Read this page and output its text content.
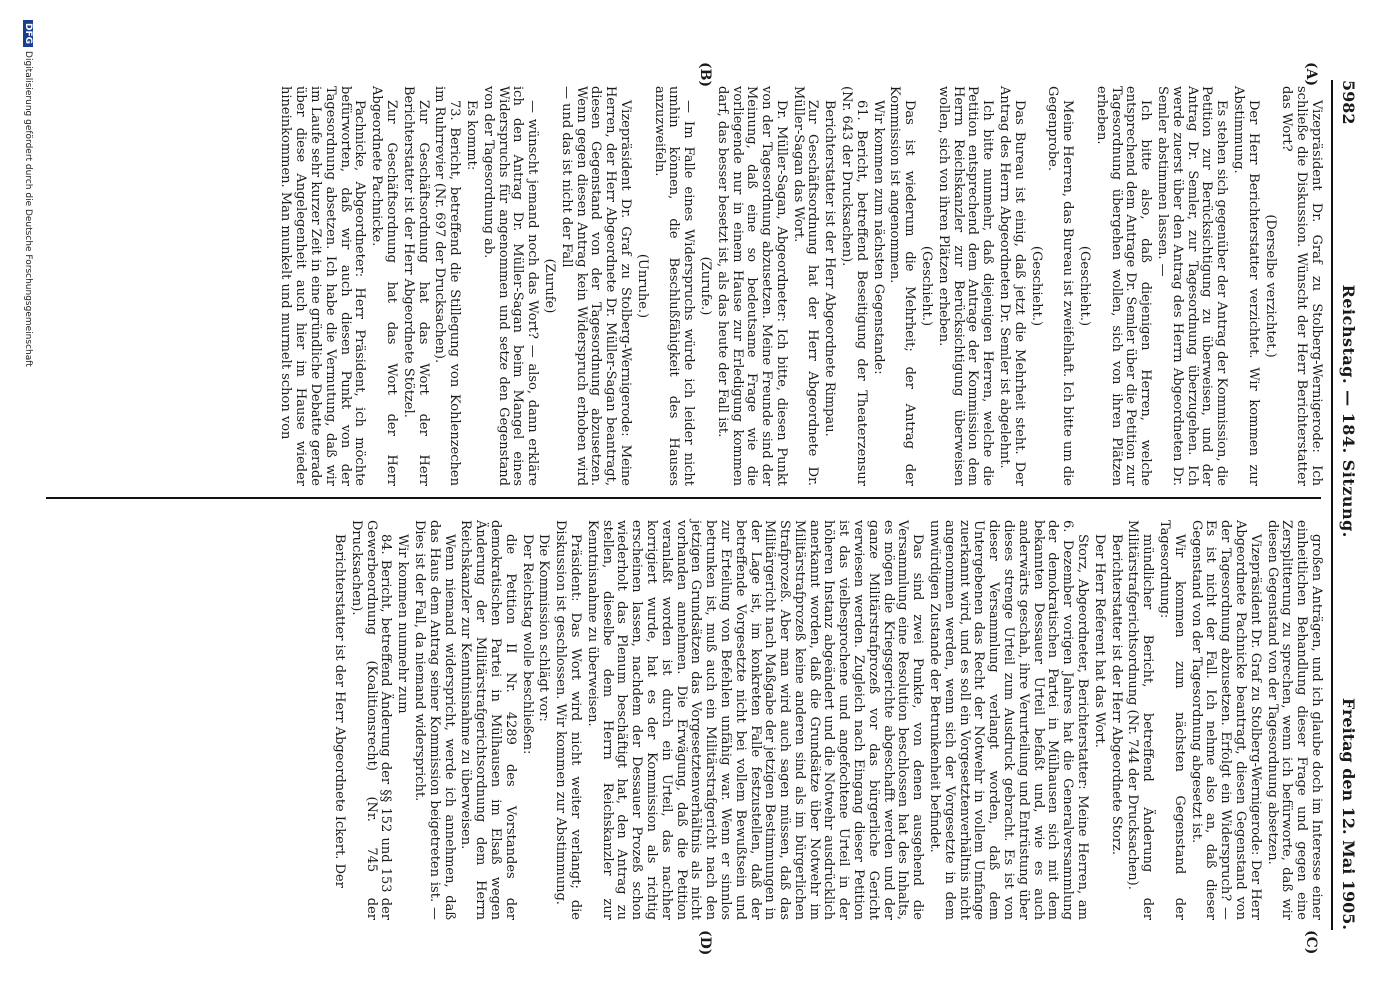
5982
Reichstag. — 184. Sitzung.
Freitag den 12. Mai 1905.
(A)
(B)
(C)
(D)

Vizepräsident Dr. Graf zu Stolberg-Wernigerode: Ich schließe die Diskussion. Wünscht der Herr Berichterstatter das Wort?

(Derselbe verzichtet.)

Der Herr Berichterstatter verzichtet. Wir kommen zur Abstimmung.

Es stehen sich gegenüber der Antrag der Kommission, die Petition zur Berücksichtigung zu überweisen, und der Antrag Dr. Semler, zur Tagesordnung überzugehen. Ich werde zuerst über den Antrag des Herrn Abgeordneten Dr. Semler abstimmen lassen. —

Ich bitte also, daß diejenigen Herren, welche entsprechend dem Antrage Dr. Semler über die Petition zur Tagesordnung übergehen wollen, sich von ihren Plätzen erheben.

(Geschieht.)

Meine Herren, das Bureau ist zweifelhaft. Ich bitte um die Gegenprobe.

(Geschieht.)

Das Bureau ist einig, daß jetzt die Mehrheit steht. Der Antrag des Herrn Abgeordneten Dr. Semler ist abgelehnt.

Ich bitte nunmehr, daß diejenigen Herren, welche die Petition entsprechend dem Antrage der Kommission dem Herrn Reichskanzler zur Berücksichtigung überweisen wollen, sich von ihren Plätzen erheben.

(Geschieht.)

Das ist wiederum die Mehrheit; der Antrag der Kommission ist angenommen.

Wir kommen zum nächsten Gegenstande:

61. Bericht, betreffend Beseitigung der Theaterzensur (Nr. 643 der Drucksachen).

Berichterstatter ist der Herr Abgeordnete Rimpau.

Zur Geschäftsordnung hat der Herr Abgeordnete Dr. Müller-Sagan das Wort.

Dr. Müller-Sagan, Abgeordneter: Ich bitte, diesen Punkt von der Tagesordnung abzusetzen. Meine Freunde sind der Meinung, daß eine so bedeutsame Frage wie die vorliegende nur in einem Hause zur Erledigung kommen darf, das besser besetzt ist, als das heute der Fall ist.

(Zurufe.)

— Im Falle eines Widerspruchs würde ich leider nicht umhin können, die Beschlußfähigkeit des Hauses anzuzweifeln.

(Unruhe.)

Vizepräsident Dr. Graf zu Stolberg-Wernigerode: Meine Herren, der Herr Abgeordnete Dr. Müller-Sagan beantragt, diesen Gegenstand von der Tagesordnung abzusetzen. Wenn gegen diesen Antrag kein Widerspruch erhoben wird — und das ist nicht der Fall

(Zurufe)

— wünscht jemand noch das Wort? — also, dann erkläre ich den Antrag Dr. Müller-Sagan beim Mangel eines Widerspruchs für angenommen und setze den Gegenstand von der Tagesordnung ab.

Es kommt:

73. Bericht, betreffend die Stillegung von Kohlenzechen im Ruhrrevier (Nr. 697 der Drucksachen).

Zur Geschäftsordnung hat das Wort der Herr Berichterstatter ist der Herr Abgeordnete Stötzel.

Zur Geschäftsordnung hat das Wort der Herr Abgeordnete Pachnicke.

Pachnicke, Abgeordneter: Herr Präsident, ich möchte befürworten, daß wir auch diesen Punkt von der Tagesordnung absetzen. Ich habe die Vermutung, daß wir im Laufe sehr kurzer Zeit in eine gründliche Debatte gerade über diese Angelegenheit auch hier im Hause wieder hineinkommen. Man munkelt und murmelt schon von

großen Anträgen, und ich glaube doch im Interesse einer einheitlichen Behandlung dieser Frage und gegen eine Zersplitterung zu sprechen, wenn ich befürworte, daß wir diesen Gegenstand von der Tagesordnung absetzen.

Vizepräsident Dr. Graf zu Stolberg-Wernigerode: Der Herr Abgeordnete Pachnicke beantragt, diesen Gegenstand von der Tagesordnung abzusetzen. Erfolgt ein Widerspruch? — Es ist nicht der Fall. Ich nehme also an, daß dieser Gegenstand von der Tagesordnung abgesetzt ist.

Wir kommen zum nächsten Gegenstand der Tagesordnung:

mündlicher Bericht, betreffend Änderung der Militärstrafgerichtsordnung (Nr. 744 der Drucksachen).

Berichterstatter ist der Herr Abgeordnete Storz.

Der Herr Referent hat das Wort.

Storz, Abgeordneter, Berichterstatter: Meine Herren, am 6. Dezember vorigen Jahres hat die Generalversammlung der demokratischen Partei in Mülhausen sich mit dem bekannten Dessauer Urteil befaßt und, wie es auch anderwärts geschah, ihre Verurteilung und Entrüstung über dieses strenge Urteil zum Ausdruck gebracht. Es ist von dieser Versammlung verlangt worden, daß dem Untergebenen das Recht der Notwehr in vollem Umfange zuerkannt wird, und es soll ein Vorgesetztenverhältnis nicht angenommen werden, wenn sich der Vorgesetzte in dem unwürdigen Zustande der Betrunkenheit befindet.

Das sind zwei Punkte, von denen ausgehend die Versammlung eine Resolution beschlossen hat des Inhalts, es mögen die Kriegsgerichte abgeschafft werden und der ganze Militärstrafprozeß vor das bürgerliche Gericht verwiesen werden. Zugleich nach Eingang dieser Petition ist das vielbesprochene und angefochtene Urteil in der höheren Instanz abgeändert und die Notwehr ausdrücklich anerkannt worden, daß die Grundsätze über Notwehr im Militärstrafprozeß keine anderen sind als im bürgerlichen Strafprozeß. Aber man wird auch sagen müssen, daß das Militärgericht nach Maßgabe der jetzigen Bestimmungen in der Lage ist, im konkreten Falle festzustellen, daß der betreffende Vorgesetzte nicht bei vollem Bewußtsein und zur Erteilung von Befehlen unfähig war. Wenn er sinnlos betrunken ist, muß auch ein Militärstrafgericht nach den jetzigen Grundsätzen das Vorgesetztenverhältnis als nicht vorhanden annehmen. Die Erwägung, daß die Petition veranlaßt worden ist durch ein Urteil, das nachher korrigiert wurde, hat es der Kommission als richtig erscheinen lassen, nachdem der Dessauer Prozeß schon wiederholt das Plenum beschäftigt hat, den Antrag zu stellen, dieselbe dem Herrn Reichskanzler zur Kenntnisnahme zu überweisen.

Präsident: Das Wort wird nicht weiter verlangt; die Diskussion ist geschlossen. Wir kommen zur Abstimmung.

Die Kommission schlägt vor:

Der Reichstag wolle beschließen:

die Petition II Nr. 4289 des Vorstandes der demokratischen Partei in Mülhausen im Elsaß wegen Änderung der Militärstrafgerichtsordnung dem Herrn Reichskanzler zur Kenntnisnahme zu überweisen.

Wenn niemand widerspricht, werde ich annehmen, daß das Haus dem Antrag seiner Kommission beigetreten ist. — Dies ist der Fall, da niemand widerspricht.

Wir kommen nunmehr zum

84. Bericht, betreffend Änderung der §§ 152 und 153 der Gewerbeordnung (Koalitionsrecht) (Nr. 745 der Drucksachen).

Berichterstatter ist der Herr Abgeordnete Ickert. Der

DFG
Digitalisierung gefördert durch die Deutsche Forschungsgemeinschaft
